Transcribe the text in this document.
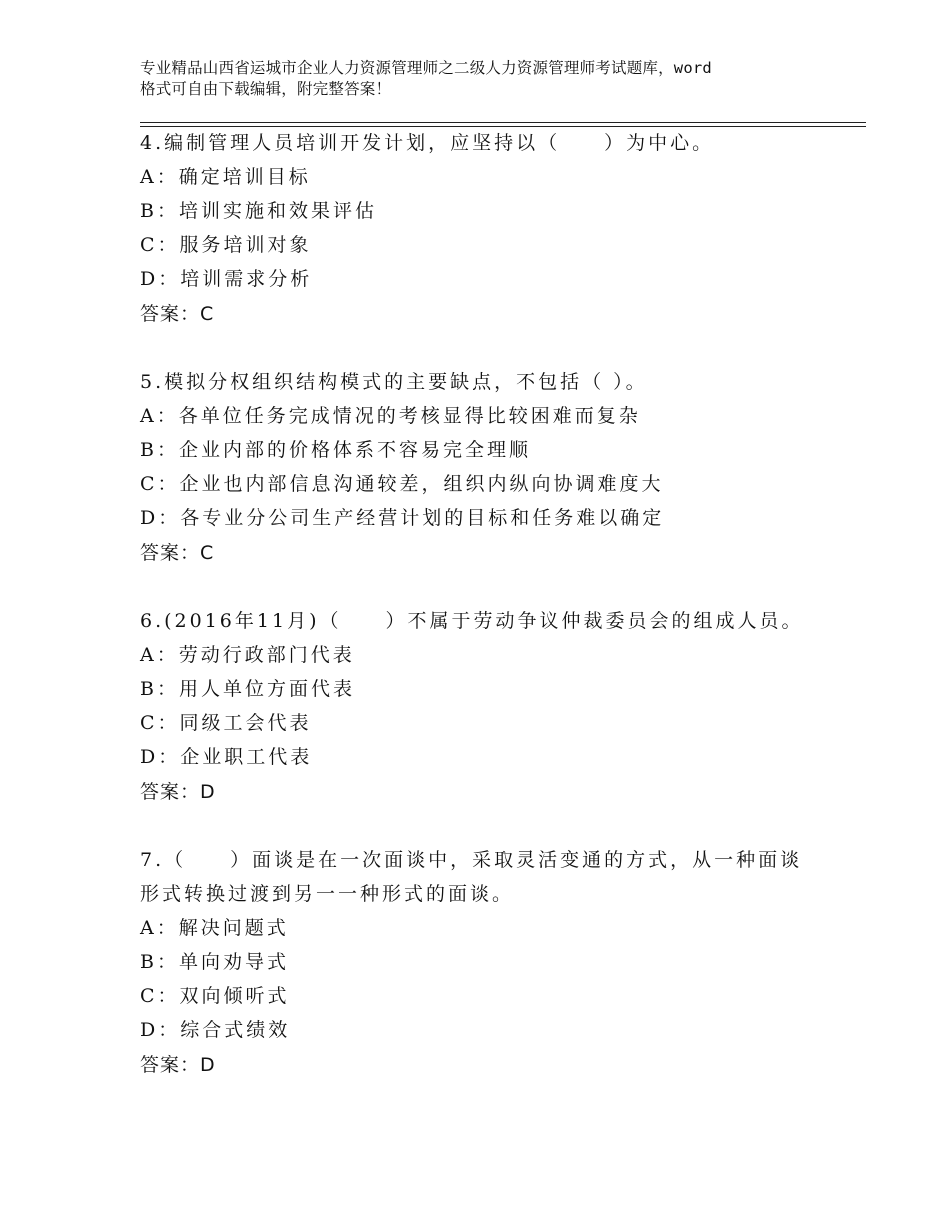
专业精品山西省运城市企业人力资源管理师之二级人力资源管理师考试题库，word
格式可自由下载编辑，附完整答案！
4.编制管理人员培训开发计划，应坚持以（　　）为中心。
A：确定培训目标
B：培训实施和效果评估
C：服务培训对象
D：培训需求分析
答案：C
5.模拟分权组织结构模式的主要缺点，不包括（ ）。
A：各单位任务完成情况的考核显得比较困难而复杂
B：企业内部的价格体系不容易完全理顺
C：企业也内部信息沟通较差，组织内纵向协调难度大
D：各专业分公司生产经营计划的目标和任务难以确定
答案：C
6.(2016年11月)（　　）不属于劳动争议仲裁委员会的组成人员。
A：劳动行政部门代表
B：用人单位方面代表
C：同级工会代表
D：企业职工代表
答案：D
7.（　　）面谈是在一次面谈中，采取灵活变通的方式，从一种面谈
形式转换过渡到另一一种形式的面谈。
A：解决问题式
B：单向劝导式
C：双向倾听式
D：综合式绩效
答案：D
